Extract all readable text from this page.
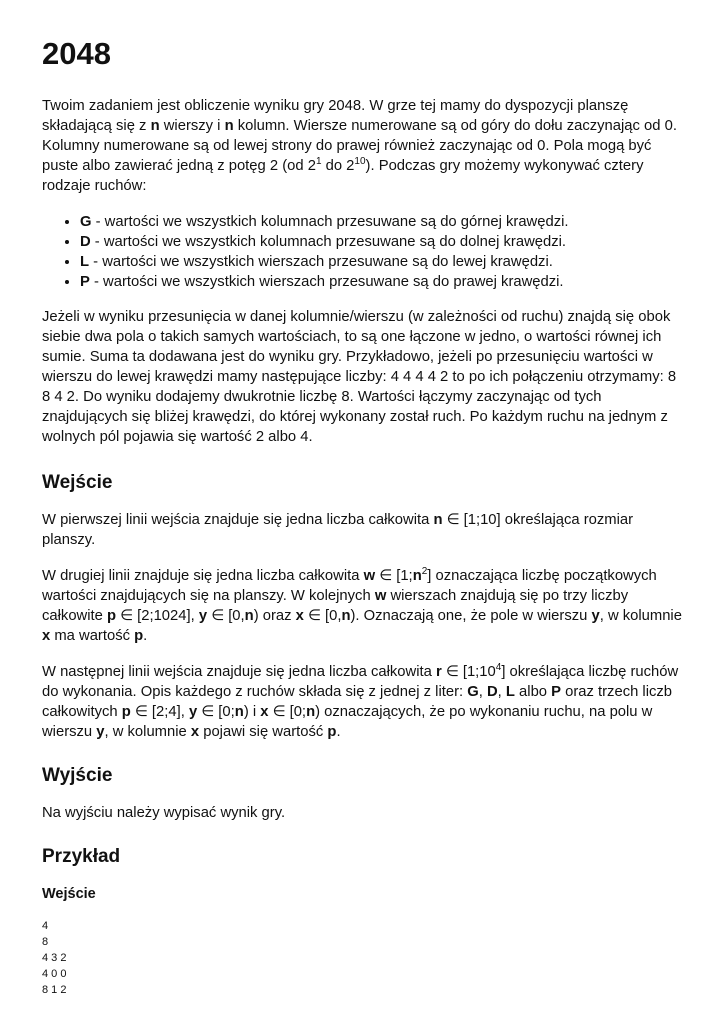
2048

Twoim zadaniem jest obliczenie wyniku gry 2048. W grze tej mamy do dyspozycji planszę składającą się z n wierszy i n kolumn. Wiersze numerowane są od góry do dołu zaczynając od 0. Kolumny numerowane są od lewej strony do prawej również zaczynając od 0. Pola mogą być puste albo zawierać jedną z potęg 2 (od $2^1$ do $2^{10}$). Podczas gry możemy wykonywać cztery rodzaje ruchów:

• G - wartości we wszystkich kolumnach przesuwane są do górnej krawędzi.
• D - wartości we wszystkich kolumnach przesuwane są do dolnej krawędzi.
• L - wartości we wszystkich wierszach przesuwane są do lewej krawędzi.
• P - wartości we wszystkich wierszach przesuwane są do prawej krawędzi.

Jeżeli w wyniku przesunięcia w danej kolumnie/wierszu (w zależności od ruchu) znajdą się obok siebie dwa pola o takich samych wartościach, to są one łączone w jedno, o wartości równej ich sumie. Suma ta dodawana jest do wyniku gry. Przykładowo, jeżeli po przesunięciu wartości w wierszu do lewej krawędzi mamy następujące liczby: 4 4 4 4 2 to po ich połączeniu otrzymamy: 8 8 4 2. Do wyniku dodajemy dwukrotnie liczbę 8. Wartości łączymy zaczynając od tych znajdujących się bliżej krawędzi, do której wykonany został ruch. Po każdym ruchu na jednym z wolnych pól pojawia się wartość 2 albo 4.

Wejście

W pierwszej linii wejścia znajduje się jedna liczba całkowita n ∈ [1;10] określająca rozmiar planszy.

W drugiej linii znajduje się jedna liczba całkowita w ∈ $[1;n^2]$ oznaczająca liczbę początkowych wartości znajdujących się na planszy. W kolejnych w wierszach znajdują się po trzy liczby całkowite p ∈ [2;1024], y ∈ [0,n) oraz x ∈ [0,n). Oznaczają one, że pole w wierszu y, w kolumnie x ma wartość p.

W następnej linii wejścia znajduje się jedna liczba całkowita r ∈ $[1;10^4]$ określająca liczbę ruchów do wykonania. Opis każdego z ruchów składa się z jednej z liter: G, D, L albo P oraz trzech liczb całkowitych p ∈ [2;4], y ∈ [0;n) i x ∈ [0;n) oznaczających, że po wykonaniu ruchu, na polu w wierszu y, w kolumnie x pojawi się wartość p.

Wyjście

Na wyjściu należy wypisać wynik gry.

Przykład
Wejście
4
8
4 3 2
4 0 0
8 1 2
